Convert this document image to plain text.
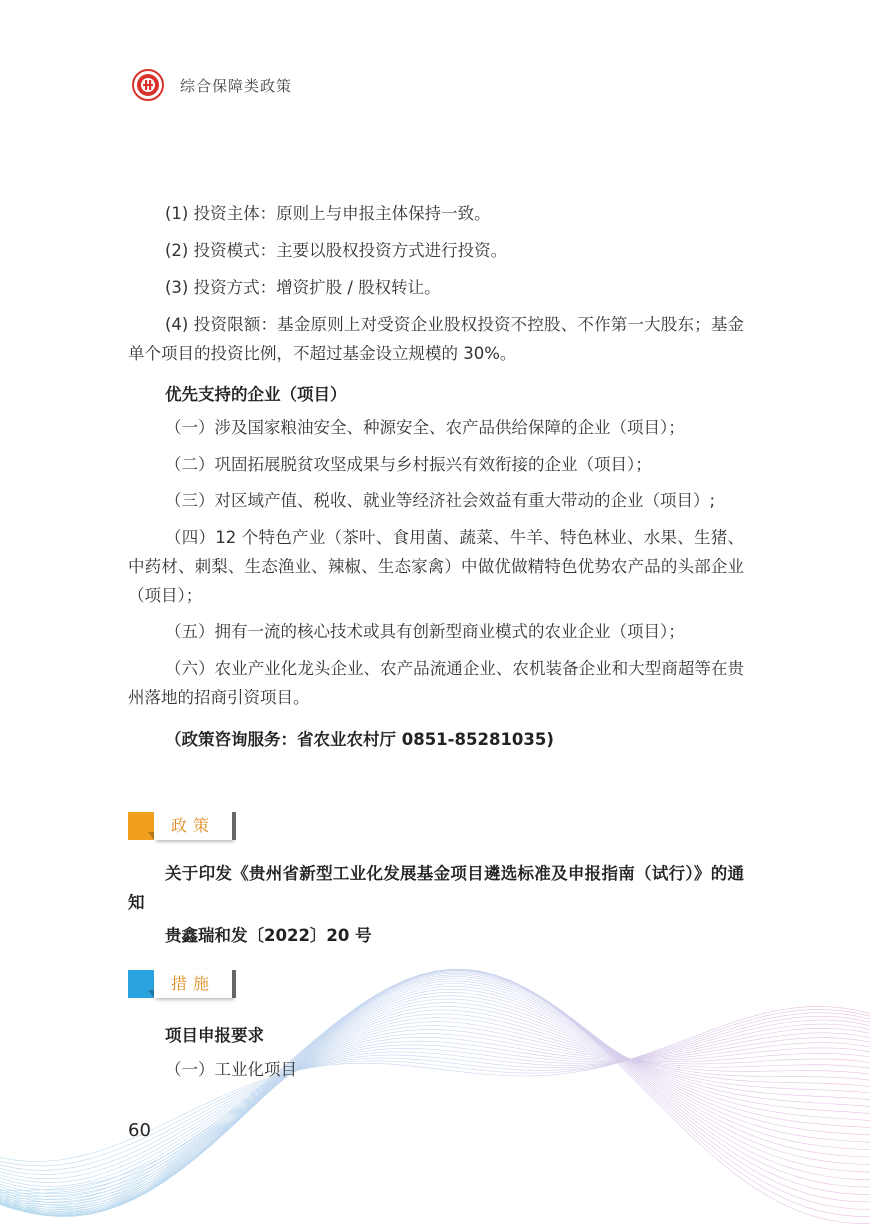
综合保障类政策

(1) 投资主体：原则上与申报主体保持一致。

(2) 投资模式：主要以股权投资方式进行投资。

(3) 投资方式：增资扩股 / 股权转让。

(4) 投资限额：基金原则上对受资企业股权投资不控股、不作第一大股东；基金单个项目的投资比例，不超过基金设立规模的 30%。

优先支持的企业（项目）

（一）涉及国家粮油安全、种源安全、农产品供给保障的企业（项目）；

（二）巩固拓展脱贫攻坚成果与乡村振兴有效衔接的企业（项目）；

（三）对区域产值、税收、就业等经济社会效益有重大带动的企业（项目）;

（四）12 个特色产业（茶叶、食用菌、蔬菜、牛羊、特色林业、水果、生猪、中药材、刺梨、生态渔业、辣椒、生态家禽）中做优做精特色优势农产品的头部企业（项目）；

（五）拥有一流的核心技术或具有创新型商业模式的农业企业（项目）；

（六）农业产业化龙头企业、农产品流通企业、农机装备企业和大型商超等在贵州落地的招商引资项目。

（政策咨询服务：省农业农村厅 0851-85281035)

关于印发《贵州省新型工业化发展基金项目遴选标准及申报指南（试行）》的通知

贵鑫瑞和发〔2022〕20 号

项目申报要求

（一）工业化项目

政策
措施
60
